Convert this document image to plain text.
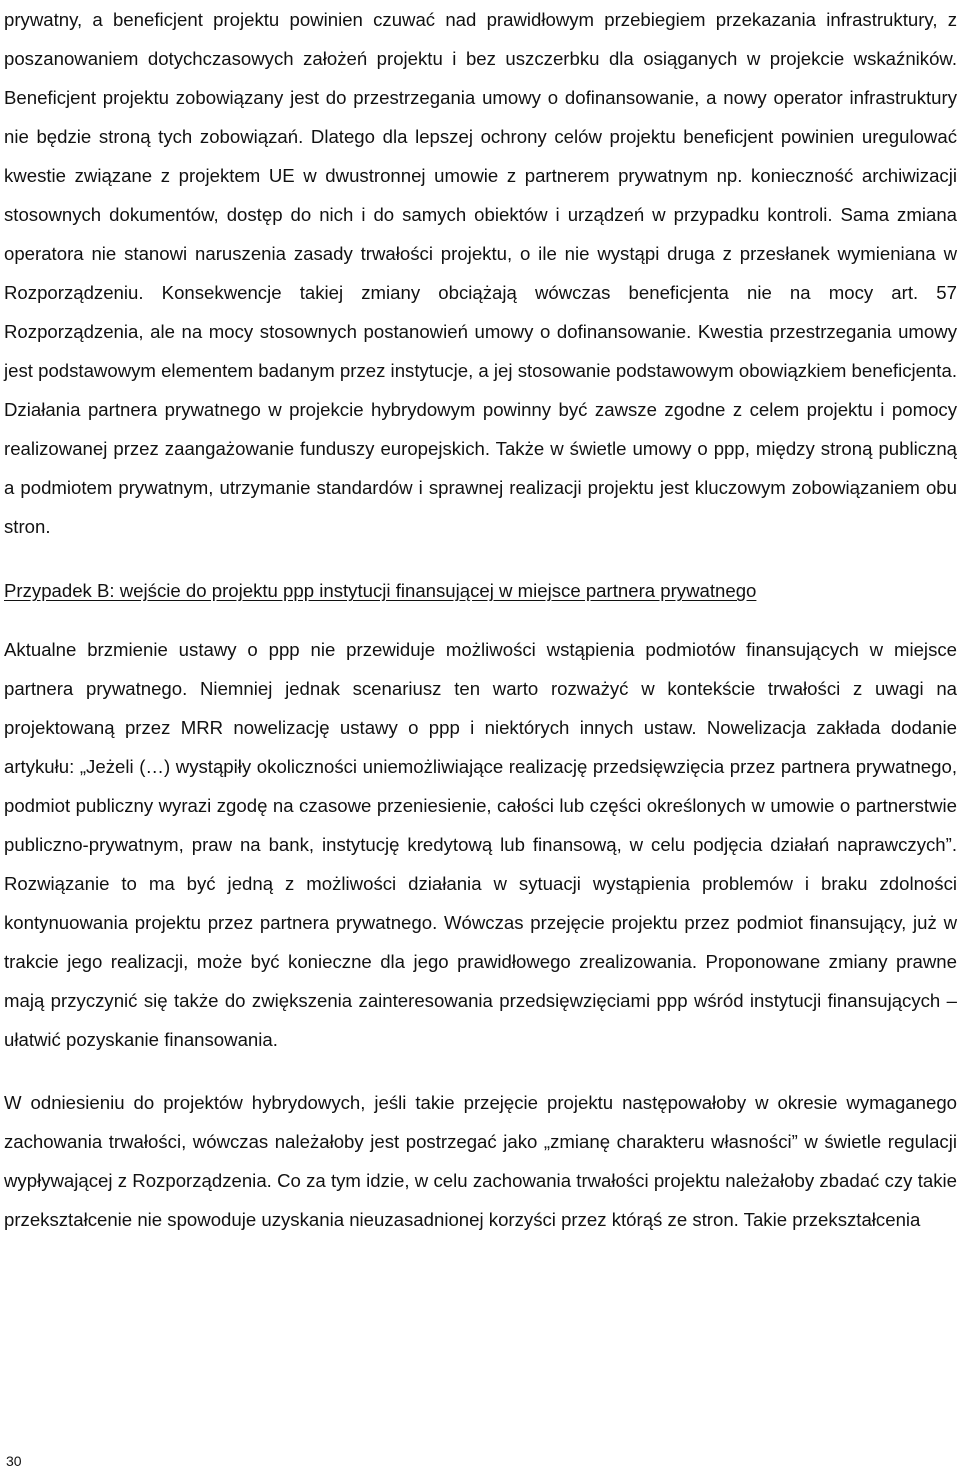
prywatny, a beneficjent projektu powinien czuwać nad prawidłowym przebiegiem przekazania infrastruktury, z poszanowaniem dotychczasowych założeń projektu i bez uszczerbku dla osiąganych w projekcie wskaźników. Beneficjent projektu zobowiązany jest do przestrzegania umowy o dofinansowanie, a nowy operator infrastruktury nie będzie stroną tych zobowiązań. Dlatego dla lepszej ochrony celów projektu beneficjent powinien uregulować kwestie związane z projektem UE w dwustronnej umowie z partnerem prywatnym np. konieczność archiwizacji stosownych dokumentów, dostęp do nich i do samych obiektów i urządzeń w przypadku kontroli. Sama zmiana operatora nie stanowi naruszenia zasady trwałości projektu, o ile nie wystąpi druga z przesłanek wymieniana w Rozporządzeniu. Konsekwencje takiej zmiany obciążają wówczas beneficjenta nie na mocy art. 57 Rozporządzenia, ale na mocy stosownych postanowień umowy o dofinansowanie. Kwestia przestrzegania umowy jest podstawowym elementem badanym przez instytucje, a jej stosowanie podstawowym obowiązkiem beneficjenta. Działania partnera prywatnego w projekcie hybrydowym powinny być zawsze zgodne z celem projektu i pomocy realizowanej przez zaangażowanie funduszy europejskich. Także w świetle umowy o ppp, między stroną publiczną a podmiotem prywatnym, utrzymanie standardów i sprawnej realizacji projektu jest kluczowym zobowiązaniem obu stron.

Przypadek B: wejście do projektu ppp instytucji finansującej w miejsce partnera prywatnego

Aktualne brzmienie ustawy o ppp nie przewiduje możliwości wstąpienia podmiotów finansujących w miejsce partnera prywatnego. Niemniej jednak scenariusz ten warto rozważyć w kontekście trwałości z uwagi na projektowaną przez MRR nowelizację ustawy o ppp i niektórych innych ustaw. Nowelizacja zakłada dodanie artykułu: „Jeżeli (…) wystąpiły okoliczności uniemożliwiające realizację przedsięwzięcia przez partnera prywatnego, podmiot publiczny wyrazi zgodę na czasowe przeniesienie, całości lub części określonych w umowie o partnerstwie publiczno-prywatnym, praw na bank, instytucję kredytową lub finansową, w celu podjęcia działań naprawczych”. Rozwiązanie to ma być jedną z możliwości działania w sytuacji wystąpienia problemów i braku zdolności kontynuowania projektu przez partnera prywatnego. Wówczas przejęcie projektu przez podmiot finansujący, już w trakcie jego realizacji, może być konieczne dla jego prawidłowego zrealizowania. Proponowane zmiany prawne mają przyczynić się także do zwiększenia zainteresowania przedsięwzięciami ppp wśród instytucji finansujących – ułatwić pozyskanie finansowania.

W odniesieniu do projektów hybrydowych, jeśli takie przejęcie projektu następowałoby w okresie wymaganego zachowania trwałości, wówczas należałoby jest postrzegać jako „zmianę charakteru własności” w świetle regulacji wypływającej z Rozporządzenia. Co za tym idzie, w celu zachowania trwałości projektu należałoby zbadać czy takie przekształcenie nie spowoduje uzyskania nieuzasadnionej korzyści przez którąś ze stron. Takie przekształcenia

30
